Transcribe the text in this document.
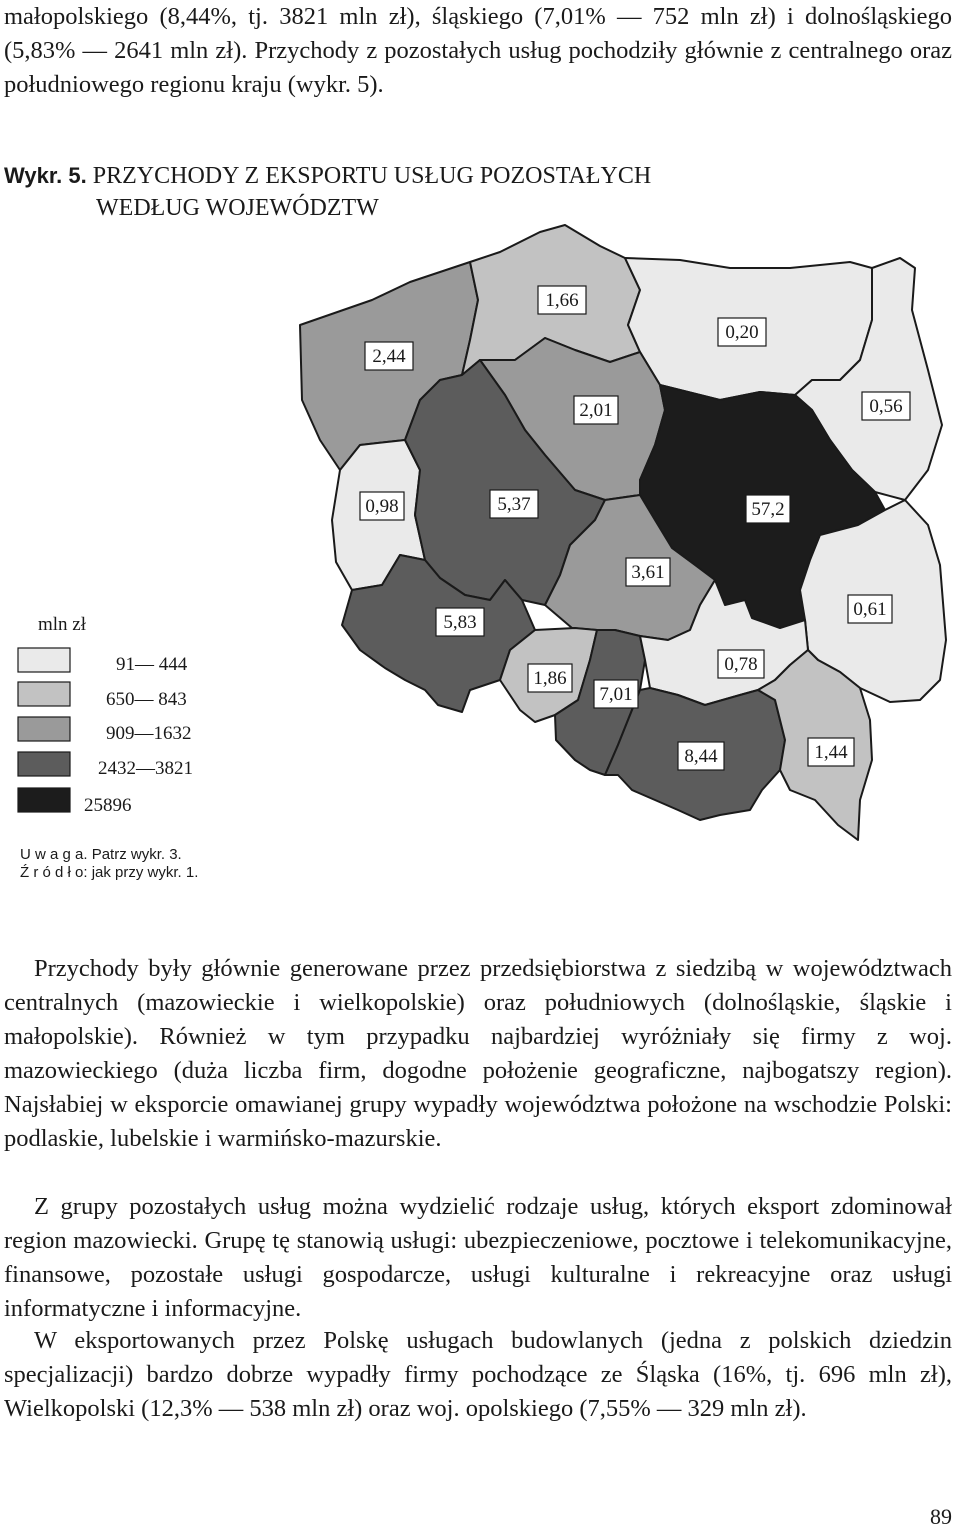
małopolskiego (8,44%, tj. 3821 mln zł), śląskiego (7,01% — 752 mln zł) i dolnośląskiego (5,83% — 2641 mln zł). Przychody z pozostałych usług pochodziły głównie z centralnego oraz południowego regionu kraju (wykr. 5).

Wykr. 5. PRZYCHODY Z EKSPORTU USŁUG POZOSTAŁYCH
WEDŁUG WOJEWÓDZTW
2,44
1,66
0,20
0,56
2,01
0,98	5,37	57,2
3,61
0,61
5,83
1,86
7,01
0,78
8,44	1,44
mln zł
91— 444
650— 843
909—1632
2432—3821
25896
U w a g a. Patrz wykr. 3.
Ź r ó d ł o: jak przy wykr. 1.

Przychody były głównie generowane przez przedsiębiorstwa z siedzibą w województwach centralnych (mazowieckie i wielkopolskie) oraz południowych (dolnośląskie, śląskie i małopolskie). Również w tym przypadku najbardziej wyróżniały się firmy z woj. mazowieckiego (duża liczba firm, dogodne położenie geograficzne, najbogatszy region). Najsłabiej w eksporcie omawianej grupy wypadły województwa położone na wschodzie Polski: podlaskie, lubelskie i warmińsko-mazurskie.

Z grupy pozostałych usług można wydzielić rodzaje usług, których eksport zdominował region mazowiecki. Grupę tę stanowią usługi: ubezpieczeniowe, pocztowe i telekomunikacyjne, finansowe, pozostałe usługi gospodarcze, usługi kulturalne i rekreacyjne oraz usługi informatyczne i informacyjne.

W eksportowanych przez Polskę usługach budowlanych (jedna z polskich dziedzin specjalizacji) bardzo dobrze wypadły firmy pochodzące ze Śląska (16%, tj. 696 mln zł), Wielkopolski (12,3% — 538 mln zł) oraz woj. opolskiego (7,55% — 329 mln zł).

89
